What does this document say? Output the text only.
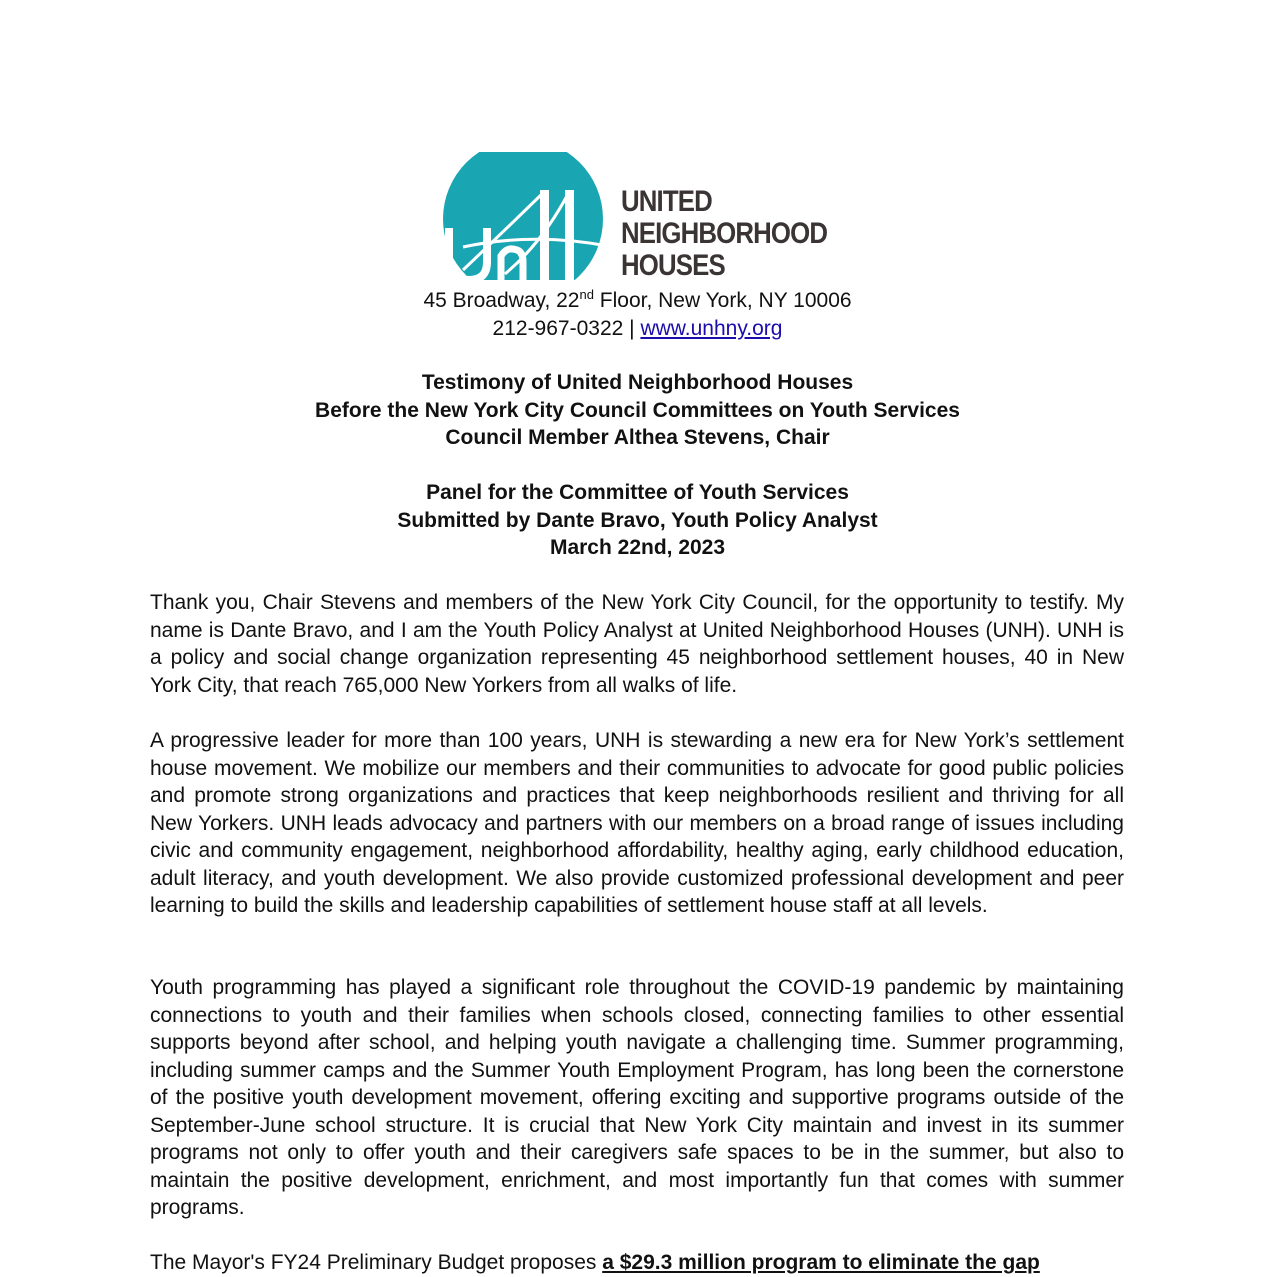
UNITED
NEIGHBORHOOD
HOUSES
45 Broadway, 22nd Floor, New York, NY 10006
212-967-0322 | www.unhny.org
Testimony of United Neighborhood Houses
Before the New York City Council Committees on Youth Services
Council Member Althea Stevens, Chair
Panel for the Committee of Youth Services
Submitted by Dante Bravo, Youth Policy Analyst
March 22nd, 2023

Thank you, Chair Stevens and members of the New York City Council, for the opportunity to testify. My name is Dante Bravo, and I am the Youth Policy Analyst at United Neighborhood Houses (UNH). UNH is a policy and social change organization representing 45 neighborhood settlement houses, 40 in New York City, that reach 765,000 New Yorkers from all walks of life.

A progressive leader for more than 100 years, UNH is stewarding a new era for New York’s settlement house movement. We mobilize our members and their communities to advocate for good public policies and promote strong organizations and practices that keep neighborhoods resilient and thriving for all New Yorkers. UNH leads advocacy and partners with our members on a broad range of issues including civic and community engagement, neighborhood affordability, healthy aging, early childhood education, adult literacy, and youth development. We also provide customized professional development and peer learning to build the skills and leadership capabilities of settlement house staff at all levels.

Youth programming has played a significant role throughout the COVID-19 pandemic by maintaining connections to youth and their families when schools closed, connecting families to other essential supports beyond after school, and helping youth navigate a challenging time. Summer programming, including summer camps and the Summer Youth Employment Program, has long been the cornerstone of the positive youth development movement, offering exciting and supportive programs outside of the September-June school structure. It is crucial that New York City maintain and invest in its summer programs not only to offer youth and their caregivers safe spaces to be in the summer, but also to maintain the positive development, enrichment, and most importantly fun that comes with summer programs.

The Mayor's FY24 Preliminary Budget proposes a $29.3 million program to eliminate the gap
